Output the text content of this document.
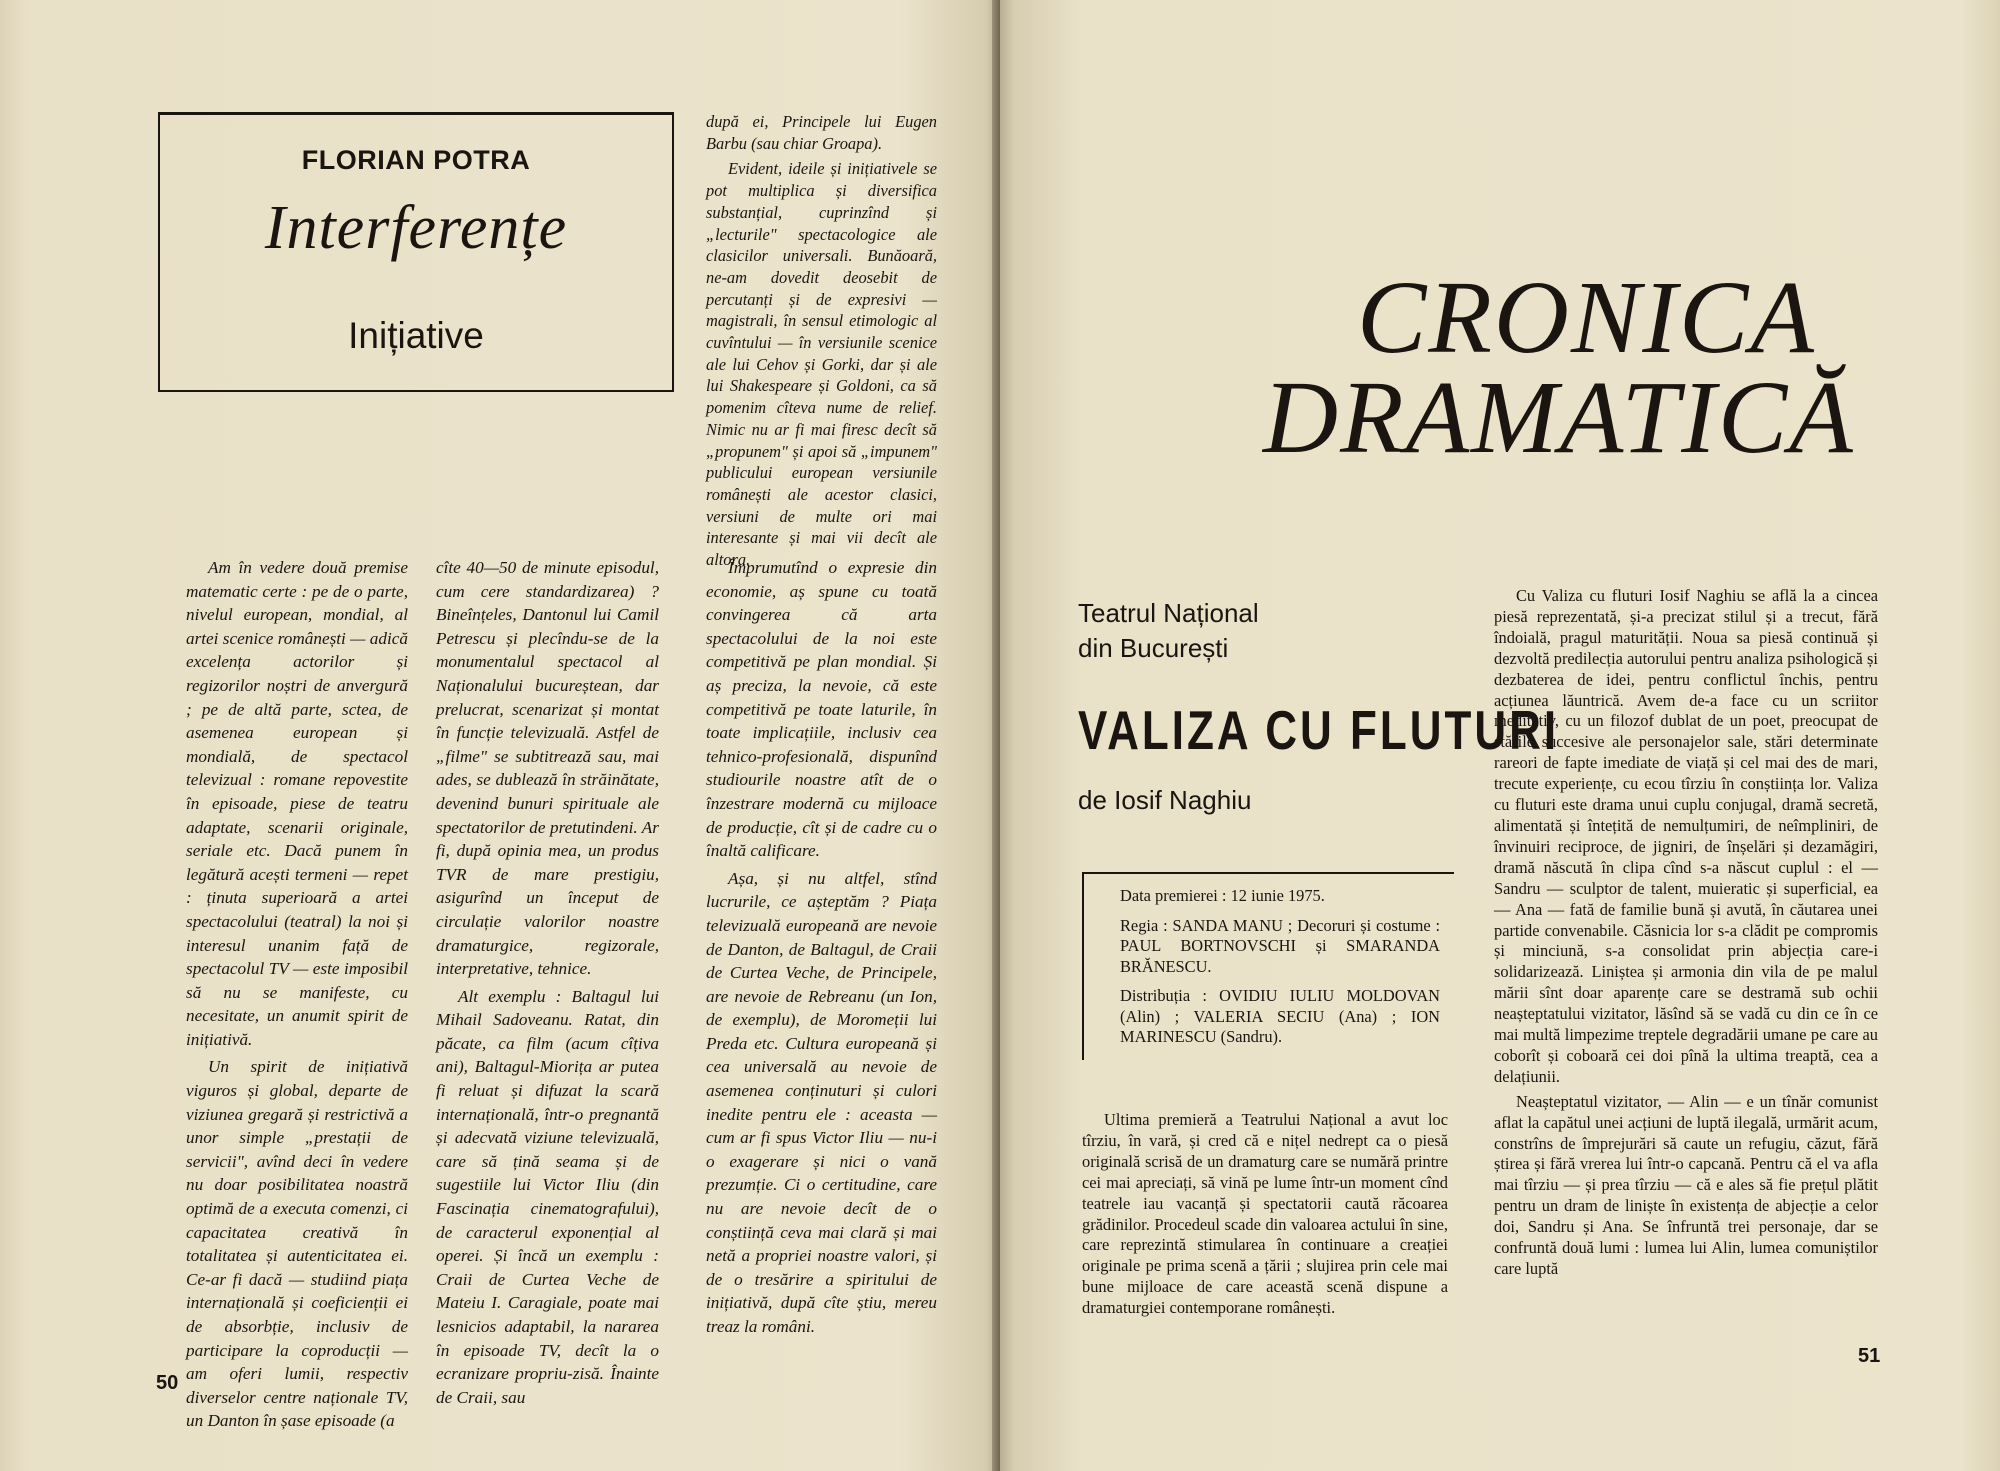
FLORIAN POTRA
Interferențe
Inițiative

Am în vedere două premise matematic certe : pe de o parte, nivelul european, mondial, al artei scenice românești — adică excelența actorilor și regizorilor noștri de anvergură ; pe de altă parte, sctea, de asemenea european și mondială, de spectacol televizual : romane repovestite în episoade, piese de teatru adaptate, scenarii originale, seriale etc. Dacă punem în legătură acești termeni — repet : ținuta superioară a artei spectacolului (teatral) la noi și interesul unanim față de spectacolul TV — este imposibil să nu se manifeste, cu necesitate, un anumit spirit de inițiativă.

Un spirit de inițiativă viguros și global, departe de viziunea gregară și restrictivă a unor simple „prestații de servicii", avînd deci în vedere nu doar posibilitatea noastră optimă de a executa comenzi, ci capacitatea creativă în totalitatea și autenticitatea ei. Ce-ar fi dacă — studiind piața internațională și coeficienții ei de absorbție, inclusiv de participare la coproducții — am oferi lumii, respectiv diverselor centre naționale TV, un Danton în șase episoade (a

cîte 40—50 de minute episodul, cum cere standardizarea) ? Bineînțeles, Dantonul lui Camil Petrescu și plecîndu-se de la monumentalul spectacol al Naționalului bucureștean, dar prelucrat, scenarizat și montat în funcție televizuală. Astfel de „filme" se subtitrează sau, mai ades, se dublează în străinătate, devenind bunuri spirituale ale spectatorilor de pretutindeni. Ar fi, după opinia mea, un produs TVR de mare prestigiu, asigurînd un început de circulație valorilor noastre dramaturgice, regizorale, interpretative, tehnice.

Alt exemplu : Baltagul lui Mihail Sadoveanu. Ratat, din păcate, ca film (acum cîțiva ani), Baltagul-Miorița ar putea fi reluat și difuzat la scară internațională, într-o pregnantă și adecvată viziune televizuală, care să țină seama și de sugestiile lui Victor Iliu (din Fascinația cinematografului), de caracterul exponențial al operei. Și încă un exemplu : Craii de Curtea Veche de Mateiu I. Caragiale, poate mai lesnicios adaptabil, la nararea în episoade TV, decît la o ecranizare propriu-zisă. Înainte de Craii, sau

după ei, Principele lui Eugen Barbu (sau chiar Groapa).

Evident, ideile și inițiativele se pot multiplica și diversifica substanțial, cuprinzînd și „lecturile" spectacologice ale clasicilor universali. Bunăoară, ne-am dovedit deosebit de percutanți și de expresivi — magistrali, în sensul etimologic al cuvîntului — în versiunile scenice ale lui Cehov și Gorki, dar și ale lui Shakespeare și Goldoni, ca să pomenim cîteva nume de relief. Nimic nu ar fi mai firesc decît să „propunem" și apoi să „impunem" publicului european versiunile românești ale acestor clasici, versiuni de multe ori mai interesante și mai vii decît ale altora.

Împrumutînd o expresie din economie, aș spune cu toată convingerea că arta spectacolului de la noi este competitivă pe plan mondial. Și aș preciza, la nevoie, că este competitivă pe toate laturile, în toate implicațiile, inclusiv cea tehnico-profesională, dispunînd studiourile noastre atît de o înzestrare modernă cu mijloace de producție, cît și de cadre cu o înaltă calificare.

Așa, și nu altfel, stînd lucrurile, ce așteptăm ? Piața televizuală europeană are nevoie de Danton, de Baltagul, de Craii de Curtea Veche, de Principele, are nevoie de Rebreanu (un Ion, de exemplu), de Moromeții lui Preda etc. Cultura europeană și cea universală au nevoie de asemenea conținuturi și culori inedite pentru ele : aceasta — cum ar fi spus Victor Iliu — nu-i o exagerare și nici o vană prezumție. Ci o certitudine, care nu are nevoie decît de o conștiință ceva mai clară și mai netă a propriei noastre valori, și de o tresărire a spiritului de inițiativă, după cîte știu, mereu treaz la români.

50
CRONICA
DRAMATICĂ
Teatrul Național
din București
VALIZA CU FLUTURI
de Iosif Naghiu
Data premierei : 12 iunie 1975.
Regia : SANDA MANU ; Decoruri și costume : PAUL BORTNOVSCHI și SMARANDA BRĂNESCU.
Distribuția : OVIDIU IULIU MOLDOVAN (Alin) ; VALERIA SECIU (Ana) ; ION MARINESCU (Sandru).

Ultima premieră a Teatrului Național a avut loc tîrziu, în vară, și cred că e nițel nedrept ca o piesă originală scrisă de un dramaturg care se numără printre cei mai apreciați, să vină pe lume într-un moment cînd teatrele iau vacanță și spectatorii caută răcoarea grădinilor. Procedeul scade din valoarea actului în sine, care reprezintă stimularea în continuare a creației originale pe prima scenă a țării ; slujirea prin cele mai bune mijloace de care această scenă dispune a dramaturgiei contemporane românești.

Cu Valiza cu fluturi Iosif Naghiu se află la a cincea piesă reprezentată, și-a precizat stilul și a trecut, fără îndoială, pragul maturității. Noua sa piesă continuă și dezvoltă predilecția autorului pentru analiza psihologică și dezbaterea de idei, pentru conflictul închis, pentru acțiunea lăuntrică. Avem de-a face cu un scriitor meditativ, cu un filozof dublat de un poet, preocupat de stările succesive ale personajelor sale, stări determinate rareori de fapte imediate de viață și cel mai des de mari, trecute experiențe, cu ecou tîrziu în conștiința lor. Valiza cu fluturi este drama unui cuplu conjugal, dramă secretă, alimentată și întețită de nemulțumiri, de neîmpliniri, de învinuiri reciproce, de jigniri, de înșelări și dezamăgiri, dramă născută în clipa cînd s-a născut cuplul : el — Sandru — sculptor de talent, muieratic și superficial, ea — Ana — fată de familie bună și avută, în căutarea unei partide convenabile. Căsnicia lor s-a clădit pe compromis și minciună, s-a consolidat prin abjecția care-i solidarizează. Liniștea și armonia din vila de pe malul mării sînt doar aparențe care se destramă sub ochii neașteptatului vizitator, lăsînd să se vadă cu din ce în ce mai multă limpezime treptele degradării umane pe care au coborît și coboară cei doi pînă la ultima treaptă, cea a delațiunii.

Neașteptatul vizitator, — Alin — e un tînăr comunist aflat la capătul unei acțiuni de luptă ilegală, urmărit acum, constrîns de împrejurări să caute un refugiu, căzut, fără știrea și fără vrerea lui într-o capcană. Pentru că el va afla mai tîrziu — și prea tîrziu — că e ales să fie prețul plătit pentru un dram de liniște în existența de abjecție a celor doi, Sandru și Ana. Se înfruntă trei personaje, dar se confruntă două lumi : lumea lui Alin, lumea comuniștilor care luptă

51
